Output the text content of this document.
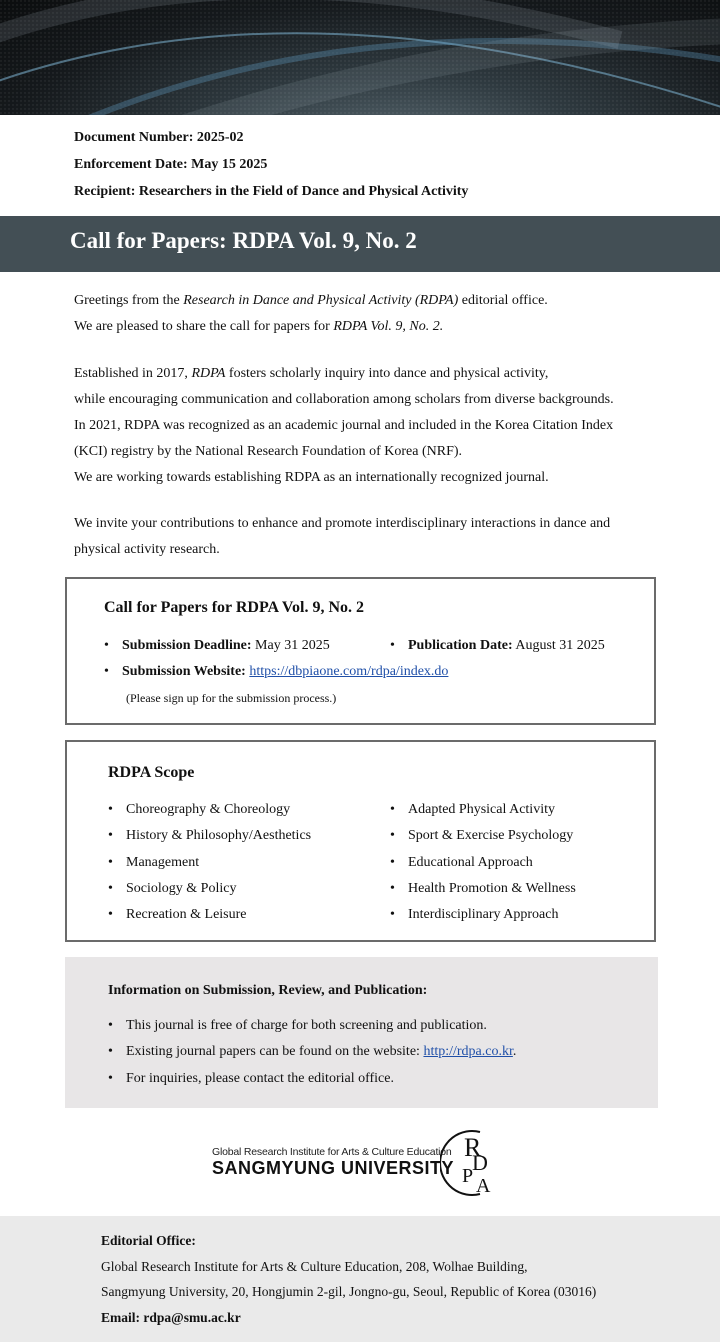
Document Number: 2025-02
Enforcement Date: May 15 2025
Recipient: Researchers in the Field of Dance and Physical Activity
Call for Papers: RDPA Vol. 9, No. 2
Greetings from the Research in Dance and Physical Activity (RDPA) editorial office.
We are pleased to share the call for papers for RDPA Vol. 9, No. 2.
Established in 2017, RDPA fosters scholarly inquiry into dance and physical activity,
while encouraging communication and collaboration among scholars from diverse backgrounds.
In 2021, RDPA was recognized as an academic journal and included in the Korea Citation Index
(KCI) registry by the National Research Foundation of Korea (NRF).
We are working towards establishing RDPA as an internationally recognized journal.
We invite your contributions to enhance and promote interdisciplinary interactions in dance and
physical activity research.
Call for Papers for RDPA Vol. 9, No. 2
• Submission Deadline: May 31 2025	• Publication Date: August 31 2025
• Submission Website: https://dbpiaone.com/rdpa/index.do
(Please sign up for the submission process.)
RDPA Scope
• Choreography & Choreology
• History & Philosophy/Aesthetics
• Management
• Sociology & Policy
• Recreation & Leisure
• Adapted Physical Activity
• Sport & Exercise Psychology
• Educational Approach
• Health Promotion & Wellness
• Interdisciplinary Approach
Information on Submission, Review, and Publication:
• This journal is free of charge for both screening and publication.
• Existing journal papers can be found on the website: http://rdpa.co.kr.
• For inquiries, please contact the editorial office.
Global Research Institute for Arts & Culture Education
SANGMYUNG UNIVERSITY
R
D
P A
Editorial Office:
Global Research Institute for Arts & Culture Education, 208, Wolhae Building,
Sangmyung University, 20, Hongjumin 2-gil, Jongno-gu, Seoul, Republic of Korea (03016)
Email: rdpa@smu.ac.kr
